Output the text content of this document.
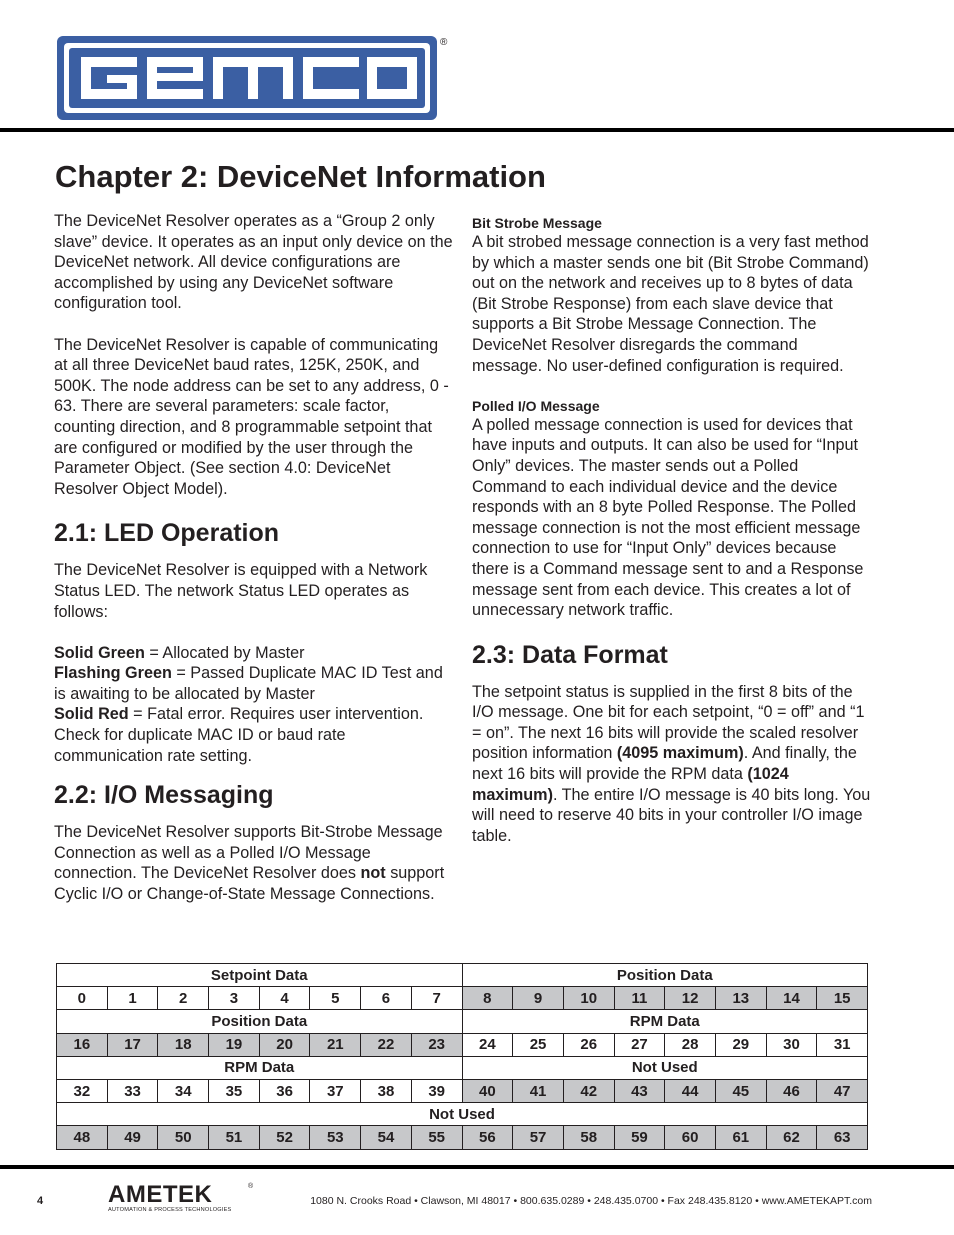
®
Chapter 2: DeviceNet Information

The DeviceNet Resolver operates as a “Group 2 only slave” device. It operates as an input only device on the DeviceNet network. All device configurations are accomplished by using any DeviceNet software configuration tool.

The DeviceNet Resolver is capable of communicating at all three DeviceNet baud rates, 125K, 250K, and 500K. The node address can be set to any address, 0 - 63. There are several parameters: scale factor, counting direction, and 8 programmable setpoint that are configured or modified by the user through the Parameter Object. (See section 4.0: DeviceNet Resolver Object Model).

2.1: LED Operation

The DeviceNet Resolver is equipped with a Network Status LED. The network Status LED operates as follows:

Solid Green = Allocated by Master

Flashing Green = Passed Duplicate MAC ID Test and is awaiting to be allocated by Master

Solid Red = Fatal error. Requires user intervention. Check for duplicate MAC ID or baud rate communication rate setting.

2.2: I/O Messaging

The DeviceNet Resolver supports Bit-Strobe Message Connection as well as a Polled I/O Message connection. The DeviceNet Resolver does not support Cyclic I/O or Change-of-State Message Connections.

Bit Strobe Message

A bit strobed message connection is a very fast method by which a master sends one bit (Bit Strobe Command) out on the network and receives up to 8 bytes of data (Bit Strobe Response) from each slave device that supports a Bit Strobe Message Connection. The DeviceNet Resolver disregards the command message. No user-defined configuration is required.

Polled I/O Message

A polled message connection is used for devices that have inputs and outputs. It can also be used for “Input Only” devices. The master sends out a Polled Command to each individual device and the device responds with an 8 byte Polled Response. The Polled message connection is not the most efficient message connection to use for “Input Only” devices because there is a Command message sent to and a Response message sent from each device. This creates a lot of unnecessary network traffic.

2.3: Data Format

The setpoint status is supplied in the first 8 bits of the I/O message. One bit for each setpoint, “0 = off” and “1 = on”. The next 16 bits will provide the scaled resolver position information (4095 maximum). And finally, the next 16 bits will provide the RPM data (1024 maximum). The entire I/O message is 40 bits long. You will need to reserve 40 bits in your controller I/O image table.

Setpoint Data								Position Data							
0	1	2	3	4	5	6	7	8	9	10	11	12	13	14	15
Position Data								RPM Data							
16	17	18	19	20	21	22	23	24	25	26	27	28	29	30	31
RPM Data								Not Used							
32	33	34	35	36	37	38	39	40	41	42	43	44	45	46	47
Not Used															
48	49	50	51	52	53	54	55	56	57	58	59	60	61	62	63
4	AMETEK	®
AUTOMATION & PROCESS TECHNOLOGIES
1080 N. Crooks Road • Clawson, MI 48017 • 800.635.0289 • 248.435.0700 • Fax 248.435.8120 • www.AMETEKAPT.com
